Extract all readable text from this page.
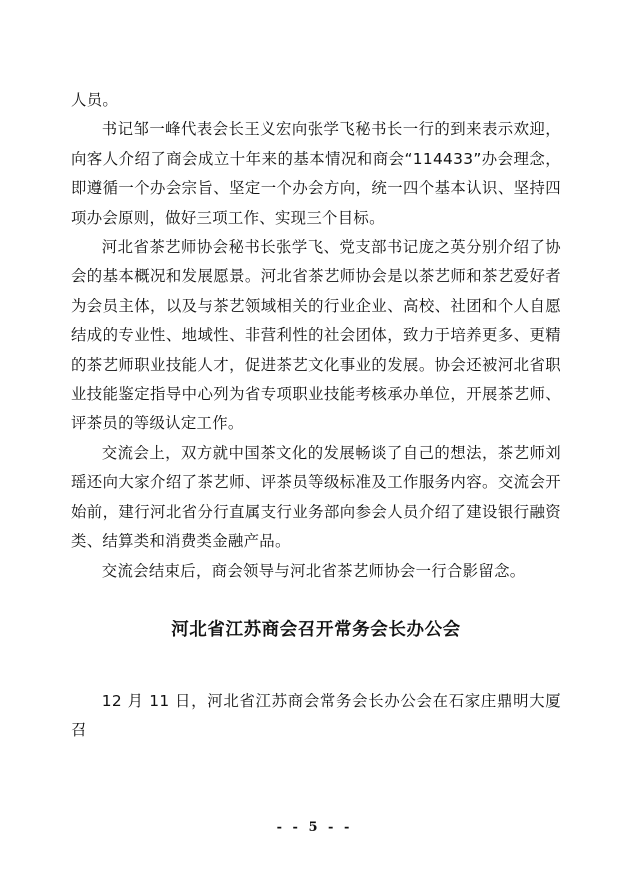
人员。

书记邹一峰代表会长王义宏向张学飞秘书长一行的到来表示欢迎，向客人介绍了商会成立十年来的基本情况和商会“114433”办会理念，即遵循一个办会宗旨、坚定一个办会方向，统一四个基本认识、坚持四项办会原则，做好三项工作、实现三个目标。

河北省茶艺师协会秘书长张学飞、党支部书记庞之英分别介绍了协会的基本概况和发展愿景。河北省茶艺师协会是以茶艺师和茶艺爱好者为会员主体，以及与茶艺领域相关的行业企业、高校、社团和个人自愿结成的专业性、地域性、非营利性的社会团体，致力于培养更多、更精的茶艺师职业技能人才，促进茶艺文化事业的发展。协会还被河北省职业技能鉴定指导中心列为省专项职业技能考核承办单位，开展茶艺师、评茶员的等级认定工作。

交流会上，双方就中国茶文化的发展畅谈了自己的想法，茶艺师刘瑶还向大家介绍了茶艺师、评茶员等级标准及工作服务内容。交流会开始前，建行河北省分行直属支行业务部向参会人员介绍了建设银行融资类、结算类和消费类金融产品。

交流会结束后，商会领导与河北省茶艺师协会一行合影留念。

河北省江苏商会召开常务会长办公会

12 月 11 日，河北省江苏商会常务会长办公会在石家庄鼎明大厦召

- - 5 - -
